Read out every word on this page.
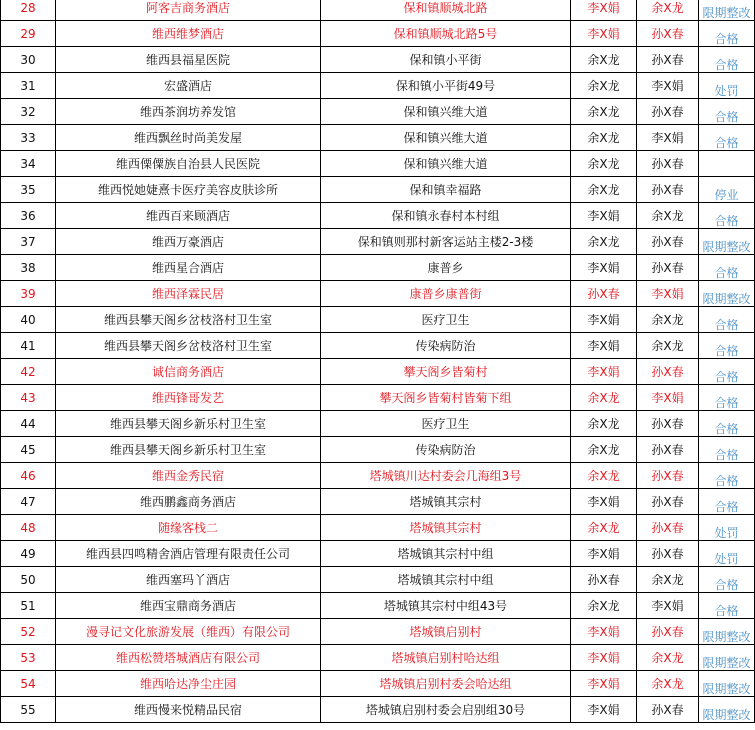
28	阿客吉商务酒店	保和镇顺城北路	李X娟	余X龙	限期整改
29	维西维梦酒店	保和镇顺城北路5号	李X娟	孙X春	合格
30	维西县福星医院	保和镇小平街	余X龙	孙X春	合格
31	宏盛酒店	保和镇小平街49号	余X龙	李X娟	处罚
32	维西茶润坊养发馆	保和镇兴维大道	余X龙	孙X春	合格
33	维西飘丝时尚美发屋	保和镇兴维大道	余X龙	李X娟	合格
34	维西傈僳族自治县人民医院	保和镇兴维大道	余X龙	孙X春	
35	维西悦她婕熹卡医疗美容皮肤诊所	保和镇幸福路	余X龙	孙X春	停业
36	维西百来顾酒店	保和镇永春村本村组	李X娟	余X龙	合格
37	维西万豪酒店	保和镇则那村新客运站主楼2-3楼	余X龙	孙X春	限期整改
38	维西星合酒店	康普乡	李X娟	孙X春	合格
39	维西泽霖民居	康普乡康普街	孙X春	李X娟	限期整改
40	维西县攀天阁乡岔枝洛村卫生室	医疗卫生	李X娟	余X龙	合格
41	维西县攀天阁乡岔枝洛村卫生室	传染病防治	李X娟	余X龙	合格
42	诚信商务酒店	攀天阁乡皆菊村	李X娟	孙X春	合格
43	维西锋哥发艺	攀天阁乡皆菊村皆菊下组	余X龙	李X娟	合格
44	维西县攀天阁乡新乐村卫生室	医疗卫生	余X龙	孙X春	合格
45	维西县攀天阁乡新乐村卫生室	传染病防治	余X龙	孙X春	合格
46	维西金秀民宿	塔城镇川达村委会几海组3号	余X龙	孙X春	合格
47	维西鹏鑫商务酒店	塔城镇其宗村	李X娟	孙X春	合格
48	随缘客栈二	塔城镇其宗村	余X龙	孙X春	处罚
49	维西县四鸣精舍酒店管理有限责任公司	塔城镇其宗村中组	李X娟	孙X春	处罚
50	维西塞玛丫酒店	塔城镇其宗村中组	孙X春	余X龙	合格
51	维西宝鼎商务酒店	塔城镇其宗村中组43号	余X龙	李X娟	合格
52	漫寻记文化旅游发展（维西）有限公司	塔城镇启别村	李X娟	孙X春	限期整改
53	维西松赞塔城酒店有限公司	塔城镇启别村哈达组	李X娟	余X龙	限期整改
54	维西哈达净尘庄园	塔城镇启别村委会哈达组	李X娟	余X龙	限期整改
55	维西慢来悦精品民宿	塔城镇启别村委会启别组30号	李X娟	孙X春	限期整改
